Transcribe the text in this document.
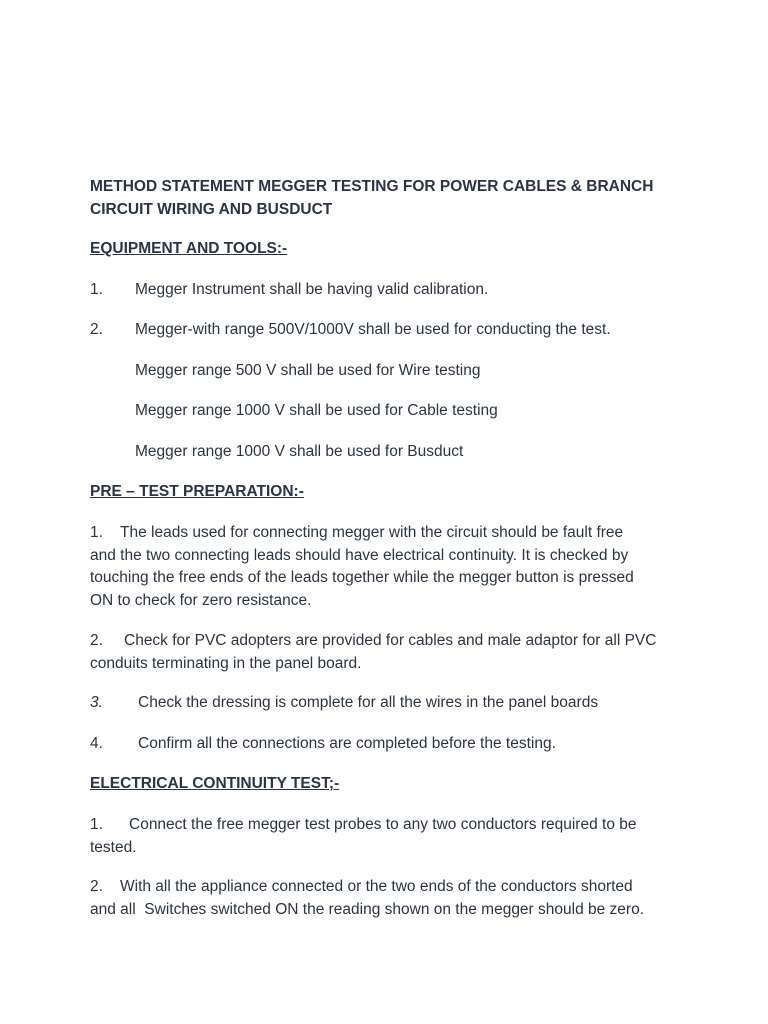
METHOD STATEMENT MEGGER TESTING FOR POWER CABLES & BRANCH
CIRCUIT WIRING AND BUSDUCT
EQUIPMENT AND TOOLS:-
1. Megger Instrument shall be having valid calibration.
2. Megger-with range 500V/1000V shall be used for conducting the test.
Megger range 500 V shall be used for Wire testing
Megger range 1000 V shall be used for Cable testing
Megger range 1000 V shall be used for Busduct
PRE – TEST PREPARATION:-
1. The leads used for connecting megger with the circuit should be fault free
and the two connecting leads should have electrical continuity. It is checked by
touching the free ends of the leads together while the megger button is pressed
ON to check for zero resistance.
2. Check for PVC adopters are provided for cables and male adaptor for all PVC
conduits terminating in the panel board.
3. Check the dressing is complete for all the wires in the panel boards
4. Confirm all the connections are completed before the testing.
ELECTRICAL CONTINUITY TEST;-
1. Connect the free megger test probes to any two conductors required to be
tested.
2. With all the appliance connected or the two ends of the conductors shorted
and all  Switches switched ON the reading shown on the megger should be zero.
